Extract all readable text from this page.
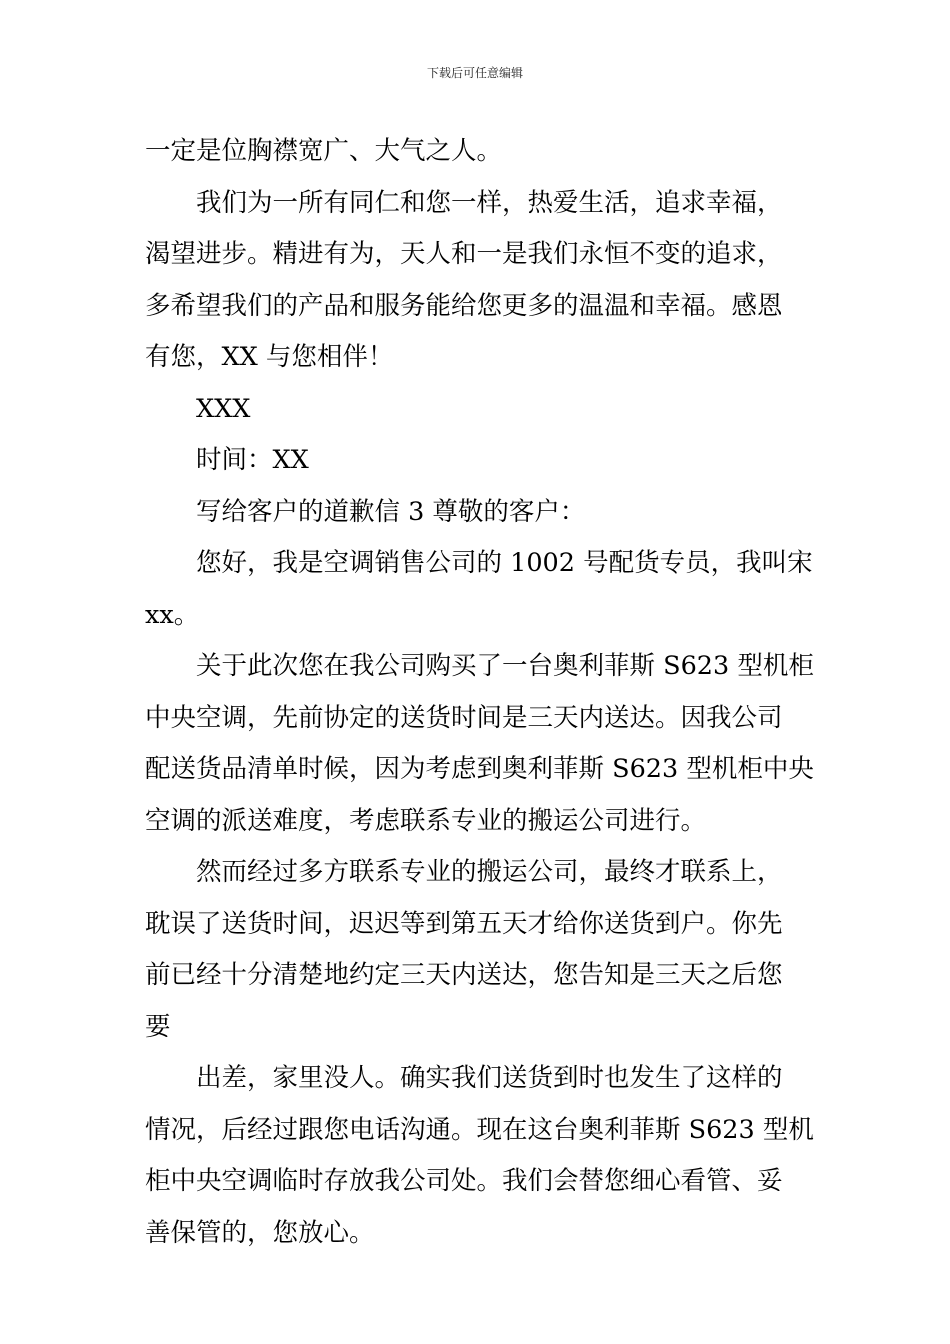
下载后可任意编辑

一定是位胸襟宽广、大气之人。

我们为一所有同仁和您一样，热爱生活，追求幸福，
渴望进步。精进有为，天人和一是我们永恒不变的追求，
多希望我们的产品和服务能给您更多的温温和幸福。感恩
有您，XX 与您相伴！

XXX

时间：XX

写给客户的道歉信 3 尊敬的客户：

您好，我是空调销售公司的 1002 号配货专员，我叫宋
xx。

关于此次您在我公司购买了一台奥利菲斯 S623 型机柜
中央空调，先前协定的送货时间是三天内送达。因我公司
配送货品清单时候，因为考虑到奥利菲斯 S623 型机柜中央
空调的派送难度，考虑联系专业的搬运公司进行。

然而经过多方联系专业的搬运公司，最终才联系上，
耽误了送货时间，迟迟等到第五天才给你送货到户。你先
前已经十分清楚地约定三天内送达，您告知是三天之后您
要

出差，家里没人。确实我们送货到时也发生了这样的
情况，后经过跟您电话沟通。现在这台奥利菲斯 S623 型机
柜中央空调临时存放我公司处。我们会替您细心看管、妥
善保管的，您放心。
